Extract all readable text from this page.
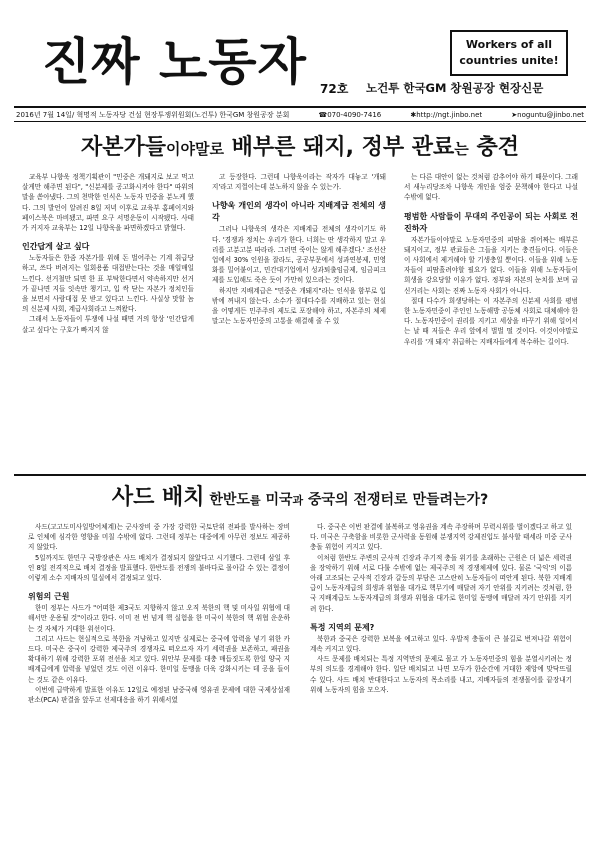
진짜 노동자 72호 노건투 한국GM 창원공장 현장신문
Workers of all
countries unite!
2016년 7월 14일/ 혁명적 노동자당 건설 현장투쟁위원회(노건투) 한국GM 창원공장 분회	☎070-4090-7416	✱http://ngt.jinbo.net	➤noguntu@jinbo.net
자본가들이야말로 배부른 돼지, 정부 관료는 충견

교육부 나향욱 정책기획관이 "민중은 개돼지로 보고 먹고 살게만 해주면 된다", "신분제를 공고화시켜야 한다" 따위의 말을 쏟아냈다. 그의 천박한 인식은 노동자 민중을 분노케 했다. 그의 발언이 알려진 8일 저녁 이후로 교육부 홈페이지와 페이스북은 마비됐고, 파면 요구 서명운동이 시작됐다. 사태가 커지자 교육부는 12일 나향욱을 파면하겠다고 밝혔다.

인간답게 살고 싶다

노동자들은 한줌 자본가를 위해 돈 벌어주는 기계 취급당하고, 쓰다 버려지는 일회용품 대접받는다는 것을 매일매일 느낀다. 선거철만 되면 한 표 부탁한다면서 약속하지만 선거가 끝나면 지들 잇속만 챙기고, 입 싹 닫는 자본가 정치인들을 보면서 사람대접 못 받고 있다고 느낀다. 사실상 맛할 놈의 신분제 사회, 계급사회라고 느껴왔다.

그래서 노동자들이 투쟁에 나설 때면 거의 항상 '인간답게 살고 싶다'는 구호가 빠지지 않

고 등장한다. 그런데 나향욱이라는 작자가 대놓고 '개돼지'라고 지껄이는데 분노하지 않을 수 있는가.

나향욱 개인의 생각이 아니라 지배계급 전체의 생각

그러나 나향욱의 생각은 지배계급 전체의 생각이기도 하다. '경쟁과 정치는 우리가 한다. 너희는 딴 생각하지 말고 우리를 고분고분 따라라. 그러면 죽이는 않게 해주겠다.' 조선산업에서 30% 인원을 잘라도, 공공부문에서 성과연봉제, 민영화를 밀어붙이고, 민간대기업에서 성과퇴출임금제, 임금피크제를 도입해도 죽은 듯이 가만히 있으라는 것이다.

하지만 지배계급은 "민중은 개돼지"라는 인식을 함부로 입 밖에 꺼내지 않는다. 소수가 절대다수를 지배하고 있는 현실을 어떻게든 민주주의 제도로 포장해야 하고, 자본주의 체제 말고는 노동자민중의 고통을 해결해 줄 수 있

는 다른 대안이 없는 것처럼 감추어야 하기 때문이다. 그래서 새누리당조차 나향욱 개인을 엄중 문책해야 한다고 나설 수밖에 없다.

평범한 사람들이 무대의 주인공이 되는 사회로 전진하자

자본가들이야말로 노동자민중의 피땀을 쥐어짜는 배부른 돼지이고, 정부 관료들은 그들을 지키는 충견들이다. 이들은 이 사회에서 제거해야 할 기생충일 뿐이다. 이들을 위해 노동자들이 피땀흘려야할 필요가 없다. 이들을 위해 노동자들이 희생을 강요당할 이유가 없다. 정부와 자본의 눈치를 보며 굽신거리는 사회는 진짜 노동자 사회가 아니다.

절대 다수가 희생당하는 이 자본주의 신분제 사회를 평범한 노동자민중이 주인인 노동해방 공동체 사회로 대체해야 한다. 노동자민중이 권리를 지키고 세상을 바꾸기 위해 일어서는 날 때 저들은 우리 앞에서 벌벌 떨 것이다. 이것이야말로 우리를 '개 돼지' 취급하는 지배자들에게 복수하는 길이다.

사드 배치 한반도를 미국과 중국의 전쟁터로 만들려는가?

사드(고고도미사일방어체계)는 군사장비 중 가장 강력한 국토단위 전파를 발사하는 장비로 인체에 심각한 영향을 미칠 수밖에 없다. 그런데 정부는 대중에게 아무런 정보도 제공하지 않았다.

5일까지도 한민구 국방장관은 사드 배치가 결정되지 않았다고 시기했다. 그런데 삼일 후인 8일 전격적으로 배치 결정을 발표했다. 한반도를 전쟁의 불바다로 몰아갈 수 있는 결정이 이렇게 소수 지배자의 밀실에서 결정되고 있다.

위험의 근원

한미 정부는 사드가 "어떠한 제3국도 지향하지 않고 오직 북한의 핵 및 미사일 위협에 대해서만 운용될 것"이라고 한다. 이미 전 번 넘게 핵 실험을 한 미국이 북한의 핵 위협 운운하는 것 자체가 거대한 위선이다.

그리고 사드는 현실적으로 북한을 겨냥하고 있지만 실제로는 중국에 압력을 넣기 위한 카드다. 미국은 중국이 강력한 제국주의 경쟁자로 떠오르자 자기 세력권을 보존하고, 패권을 확대하기 위해 강력한 포위 전선을 치고 있다. 위안부 문제를 대충 매듭짓도록 한일 양국 지배계급에게 압력을 넣었던 것도 이런 이유다. 한미일 동맹을 더욱 강화시키는 데 공을 들이는 것도 같은 이유다.

이번에 급박하게 발표한 이유도 12일로 예정된 남중국해 영유권 문제에 대한 국제상설재판소(PCA) 판결을 앞두고 선제대응을 하기 위해서였

다. 중국은 이번 판결에 불복하고 영유권을 계속 주장하며 무력시위를 벌이겠다고 하고 있다. 미국은 구축함을 비롯한 군사력을 동원해 분쟁지역 강제진입도 불사할 태세라 미중 군사충돌 위험이 커지고 있다.

이처럼 한반도 주변의 군사적 긴장과 주기적 충돌 위기를 초래하는 근원은 더 넓은 세력권을 장악하기 위해 서로 다툴 수밖에 없는 제국주의 적 경쟁체제에 있다. 물론 '국익'의 이름 아래 고조되는 군사적 긴장과 갈등의 부담은 고스란히 노동자들이 떠안게 된다. 북한 지배계급이 노동자계급의 희생과 위협을 대가로 핵무기에 매달려 자기 안위를 지키려는 것처럼, 한국 지배계급도 노동자계급의 희생과 위협을 대가로 한미일 동맹에 매달려 자기 안위를 지키려 한다.

특정 지역의 문제?

북한과 중국은 강력한 보복을 예고하고 있다. 우발적 충돌이 큰 불길로 번져나갈 위험이 계속 커지고 있다.

사드 문제를 배치되는 특정 지역만의 문제로 몰고 가 노동자민중의 힘을 분열시키려는 정부의 의도를 경계해야 한다. 일단 배치되고 나면 모두가 한순간에 거대한 재앙에 맞닥뜨릴 수 있다. 사드 배치 반대한다고 노동자의 목소리를 내고, 지배자들의 전쟁몰이를 끝장내기 위해 노동자의 힘을 모으자.
